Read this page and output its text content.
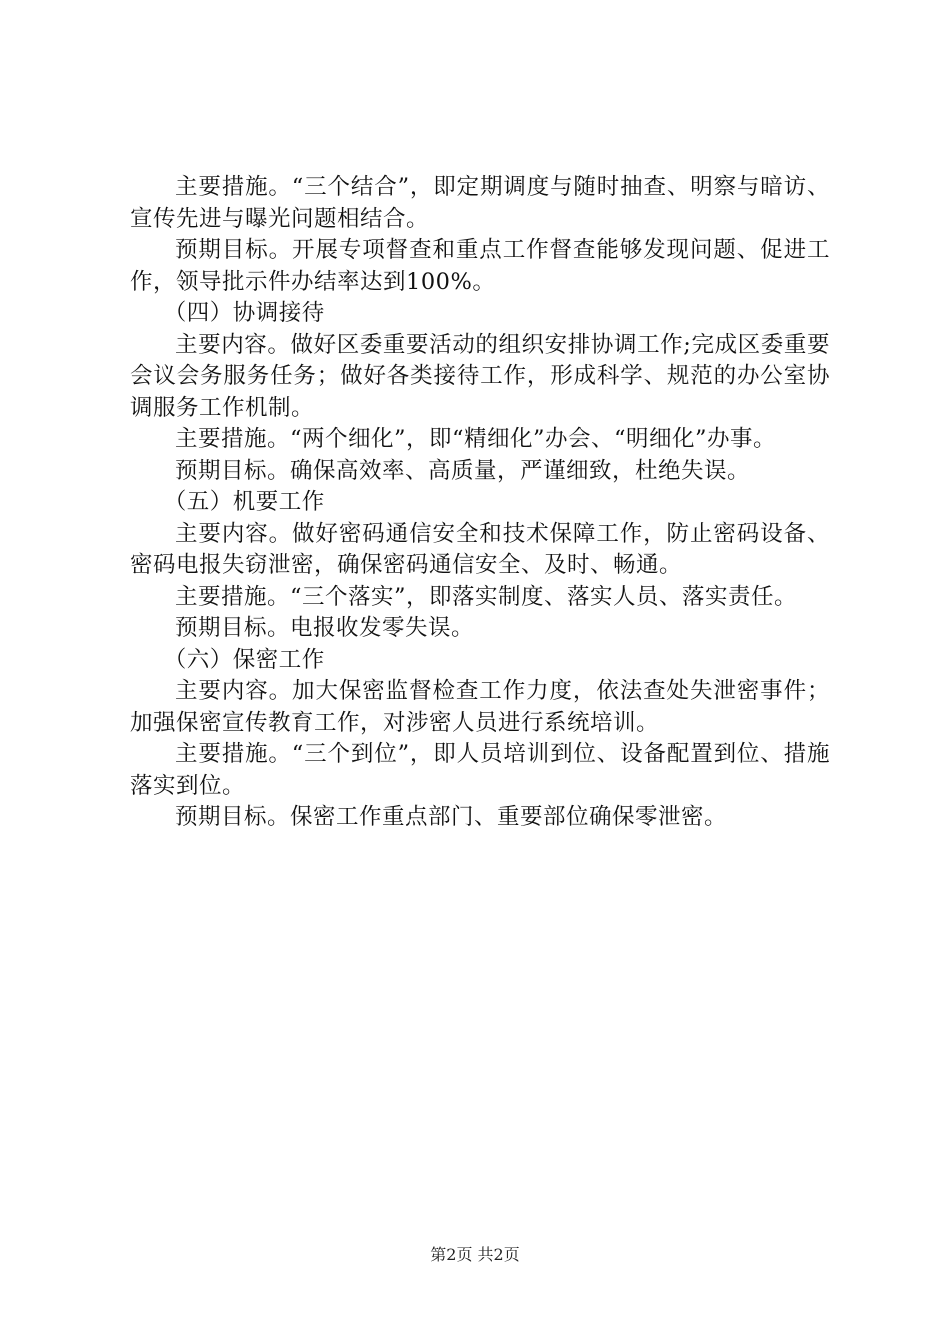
主要措施。“三个结合”，即定期调度与随时抽查、明察与暗访、宣传先进与曝光问题相结合。

预期目标。开展专项督查和重点工作督查能够发现问题、促进工作，领导批示件办结率达到100%。

（四）协调接待

主要内容。做好区委重要活动的组织安排协调工作;完成区委重要会议会务服务任务；做好各类接待工作，形成科学、规范的办公室协调服务工作机制。

主要措施。“两个细化”，即“精细化”办会、“明细化”办事。

预期目标。确保高效率、高质量，严谨细致，杜绝失误。

（五）机要工作

主要内容。做好密码通信安全和技术保障工作，防止密码设备、密码电报失窃泄密，确保密码通信安全、及时、畅通。

主要措施。“三个落实”，即落实制度、落实人员、落实责任。

预期目标。电报收发零失误。

（六）保密工作

主要内容。加大保密监督检查工作力度，依法查处失泄密事件；加强保密宣传教育工作，对涉密人员进行系统培训。

主要措施。“三个到位”，即人员培训到位、设备配置到位、措施落实到位。

预期目标。保密工作重点部门、重要部位确保零泄密。

第2页 共2页
